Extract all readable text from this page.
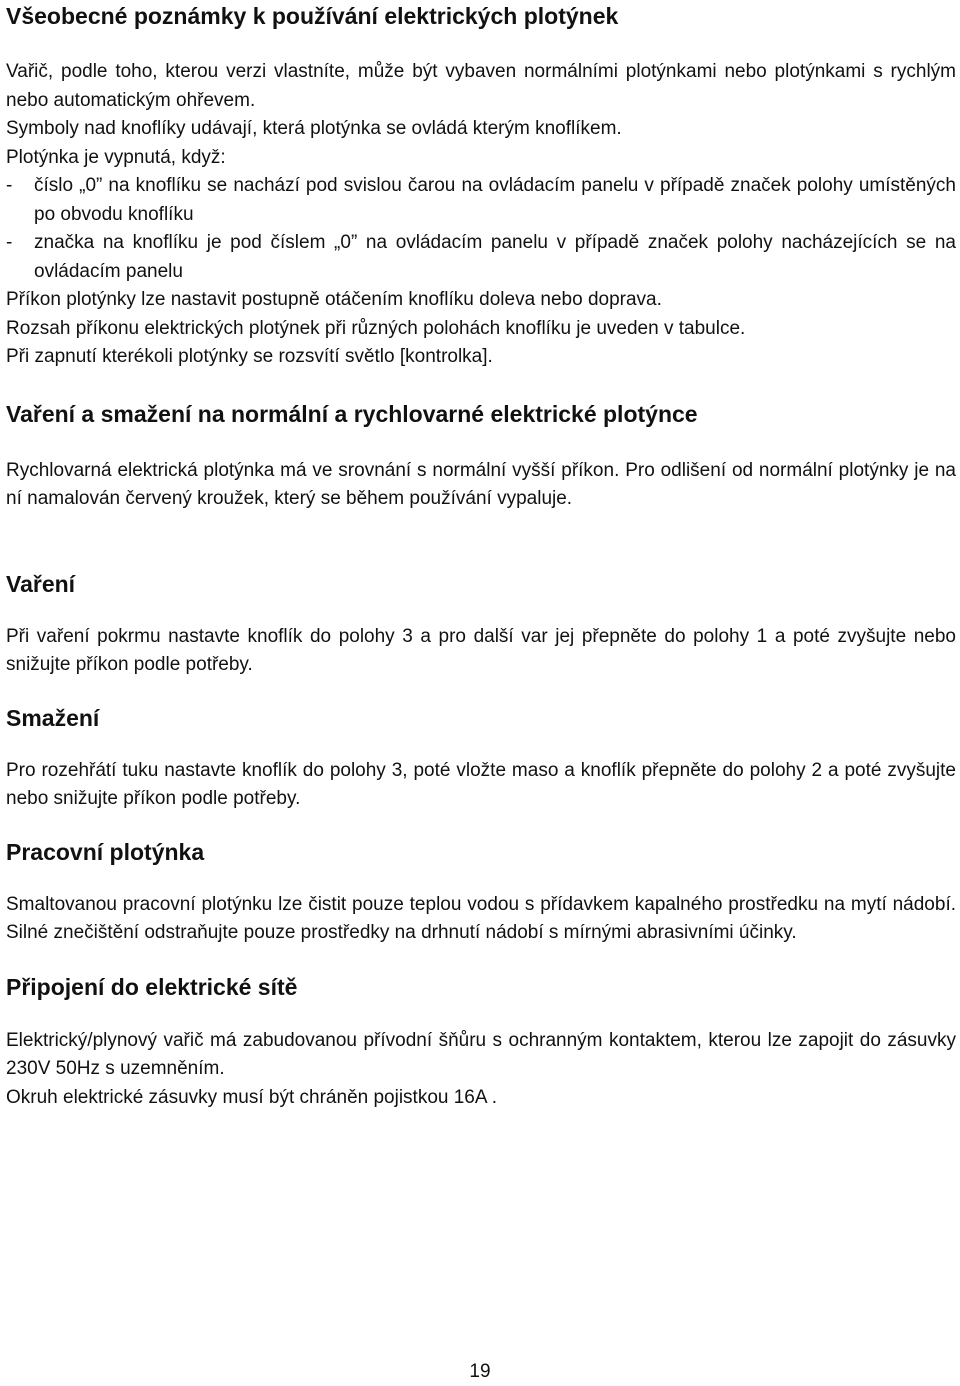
Všeobecné poznámky k používání elektrických plotýnek

Vařič, podle toho, kterou verzi vlastníte, může být vybaven normálními plotýnkami nebo plotýnkami s rychlým nebo automatickým ohřevem.

Symboly nad knoflíky udávají, která plotýnka se ovládá kterým knoflíkem.

Plotýnka je vypnutá, když:

-	číslo „0” na knoflíku se nachází pod svislou čarou na ovládacím panelu v případě značek polohy umístěných po obvodu knoflíku
-	značka na knoflíku je pod číslem „0” na ovládacím panelu v případě značek polohy nacházejících se na ovládacím panelu

Příkon plotýnky lze nastavit postupně otáčením knoflíku doleva nebo doprava.

Rozsah příkonu elektrických plotýnek při různých polohách knoflíku je uveden v tabulce.

Při zapnutí kterékoli plotýnky se rozsvítí světlo [kontrolka].

Vaření a smažení na normální a rychlovarné elektrické plotýnce

Rychlovarná elektrická plotýnka má ve srovnání s normální vyšší příkon. Pro odlišení od normální plotýnky je na ní namalován červený kroužek, který se během používání vypaluje.

Vaření

Při vaření pokrmu nastavte knoflík do polohy 3 a pro další var jej přepněte do polohy 1 a poté zvyšujte nebo snižujte příkon podle potřeby.

Smažení

Pro rozehřátí tuku nastavte knoflík do polohy 3, poté vložte maso a knoflík přepněte do polohy 2 a poté zvyšujte nebo snižujte příkon podle potřeby.

Pracovní plotýnka

Smaltovanou pracovní plotýnku lze čistit pouze teplou vodou s přídavkem kapalného prostředku na mytí nádobí. Silné znečištění odstraňujte pouze prostředky na drhnutí nádobí s mírnými abrasivními účinky.

Připojení do elektrické sítě

Elektrický/plynový vařič má zabudovanou přívodní šňůru s ochranným kontaktem, kterou lze zapojit do zásuvky 230V 50Hz s uzemněním.

Okruh elektrické zásuvky musí být chráněn pojistkou 16A .

19
